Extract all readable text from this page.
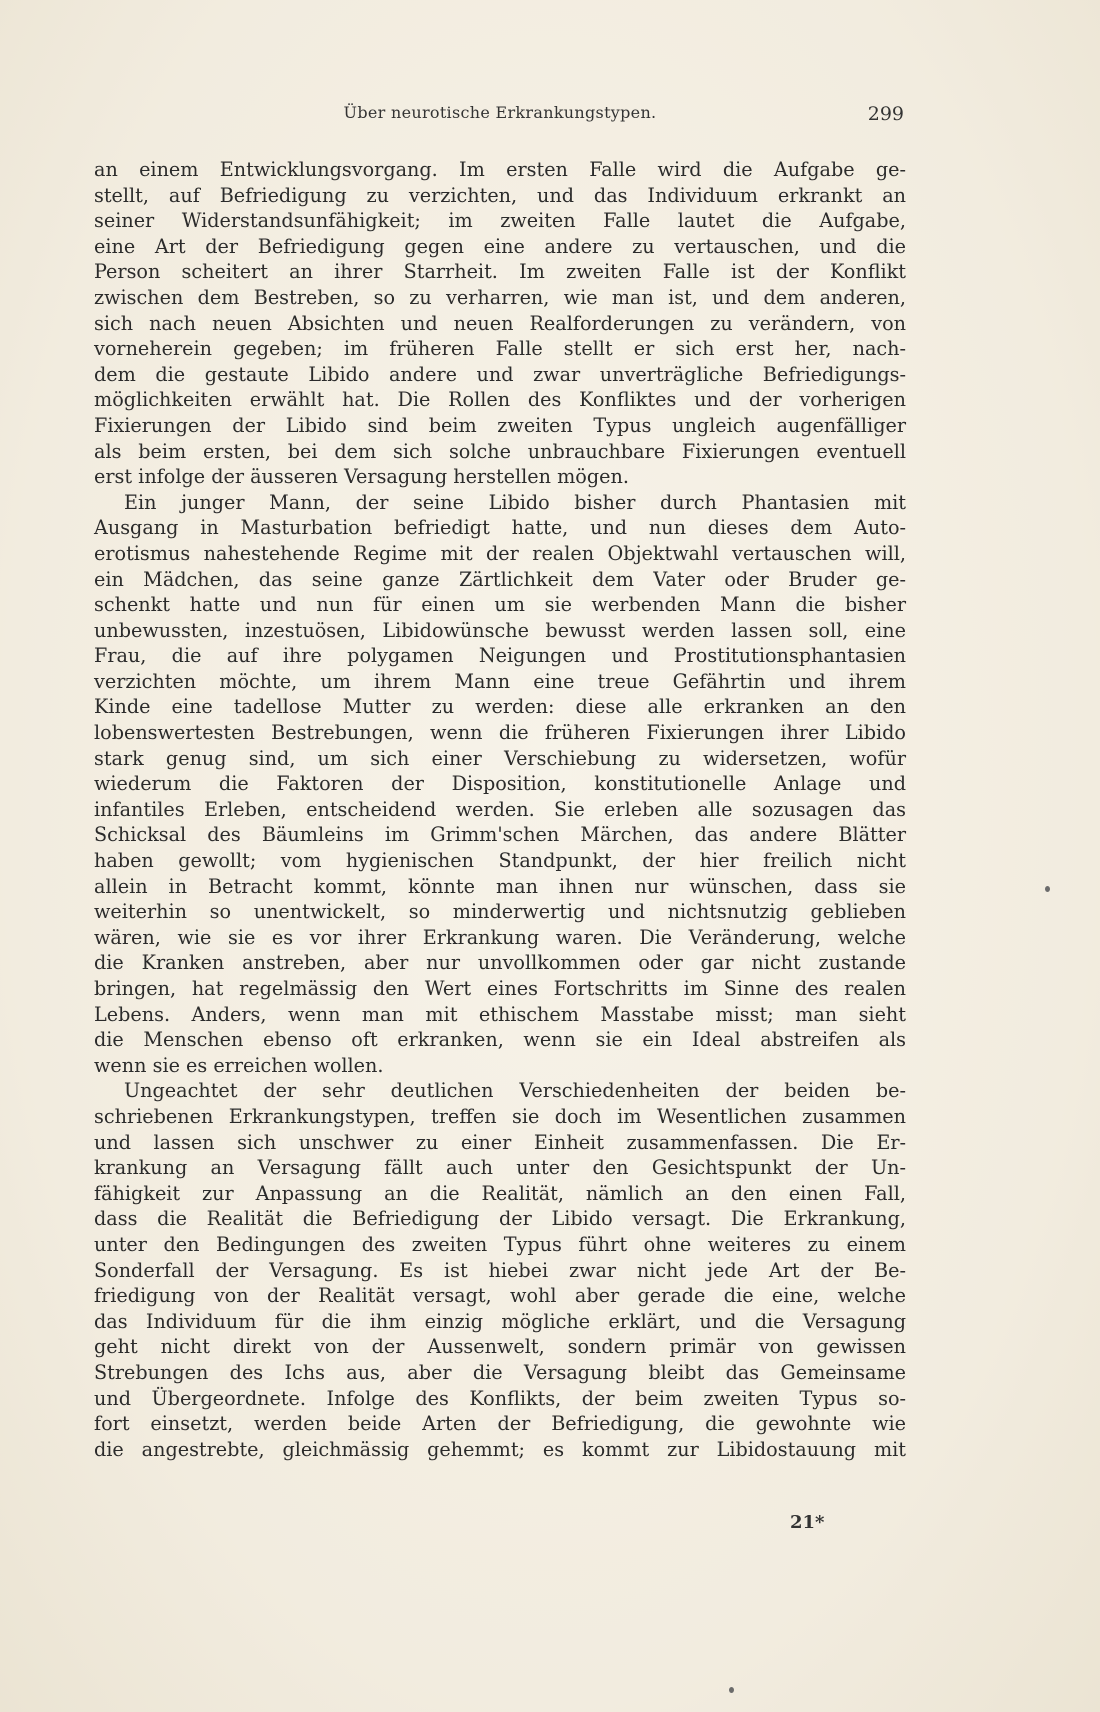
Über neurotische Erkrankungstypen.	299
an einem Entwicklungsvorgang. Im ersten Falle wird die Aufgabe ge-
stellt, auf Befriedigung zu verzichten, und das Individuum erkrankt an
seiner Widerstandsunfähigkeit; im zweiten Falle lautet die Aufgabe,
eine Art der Befriedigung gegen eine andere zu vertauschen, und die
Person scheitert an ihrer Starrheit. Im zweiten Falle ist der Konflikt
zwischen dem Bestreben, so zu verharren, wie man ist, und dem anderen,
sich nach neuen Absichten und neuen Realforderungen zu verändern, von
vorneherein gegeben; im früheren Falle stellt er sich erst her, nach-
dem die gestaute Libido andere und zwar unverträgliche Befriedigungs-
möglichkeiten erwählt hat. Die Rollen des Konfliktes und der vorherigen
Fixierungen der Libido sind beim zweiten Typus ungleich augenfälliger
als beim ersten, bei dem sich solche unbrauchbare Fixierungen eventuell
erst infolge der äusseren Versagung herstellen mögen.
Ein junger Mann, der seine Libido bisher durch Phantasien mit
Ausgang in Masturbation befriedigt hatte, und nun dieses dem Auto-
erotismus nahestehende Regime mit der realen Objektwahl vertauschen will,
ein Mädchen, das seine ganze Zärtlichkeit dem Vater oder Bruder ge-
schenkt hatte und nun für einen um sie werbenden Mann die bisher
unbewussten, inzestuösen, Libidowünsche bewusst werden lassen soll, eine
Frau, die auf ihre polygamen Neigungen und Prostitutionsphantasien
verzichten möchte, um ihrem Mann eine treue Gefährtin und ihrem
Kinde eine tadellose Mutter zu werden: diese alle erkranken an den
lobenswertesten Bestrebungen, wenn die früheren Fixierungen ihrer Libido
stark genug sind, um sich einer Verschiebung zu widersetzen, wofür
wiederum die Faktoren der Disposition, konstitutionelle Anlage und
infantiles Erleben, entscheidend werden. Sie erleben alle sozusagen das
Schicksal des Bäumleins im Grimm'schen Märchen, das andere Blätter
haben gewollt; vom hygienischen Standpunkt, der hier freilich nicht
allein in Betracht kommt, könnte man ihnen nur wünschen, dass sie
weiterhin so unentwickelt, so minderwertig und nichtsnutzig geblieben
wären, wie sie es vor ihrer Erkrankung waren. Die Veränderung, welche
die Kranken anstreben, aber nur unvollkommen oder gar nicht zustande
bringen, hat regelmässig den Wert eines Fortschritts im Sinne des realen
Lebens. Anders, wenn man mit ethischem Masstabe misst; man sieht
die Menschen ebenso oft erkranken, wenn sie ein Ideal abstreifen als
wenn sie es erreichen wollen.
Ungeachtet der sehr deutlichen Verschiedenheiten der beiden be-
schriebenen Erkrankungstypen, treffen sie doch im Wesentlichen zusammen
und lassen sich unschwer zu einer Einheit zusammenfassen. Die Er-
krankung an Versagung fällt auch unter den Gesichtspunkt der Un-
fähigkeit zur Anpassung an die Realität, nämlich an den einen Fall,
dass die Realität die Befriedigung der Libido versagt. Die Erkrankung,
unter den Bedingungen des zweiten Typus führt ohne weiteres zu einem
Sonderfall der Versagung. Es ist hiebei zwar nicht jede Art der Be-
friedigung von der Realität versagt, wohl aber gerade die eine, welche
das Individuum für die ihm einzig mögliche erklärt, und die Versagung
geht nicht direkt von der Aussenwelt, sondern primär von gewissen
Strebungen des Ichs aus, aber die Versagung bleibt das Gemeinsame
und Übergeordnete. Infolge des Konflikts, der beim zweiten Typus so-
fort einsetzt, werden beide Arten der Befriedigung, die gewohnte wie
die angestrebte, gleichmässig gehemmt; es kommt zur Libidostauung mit
21*
